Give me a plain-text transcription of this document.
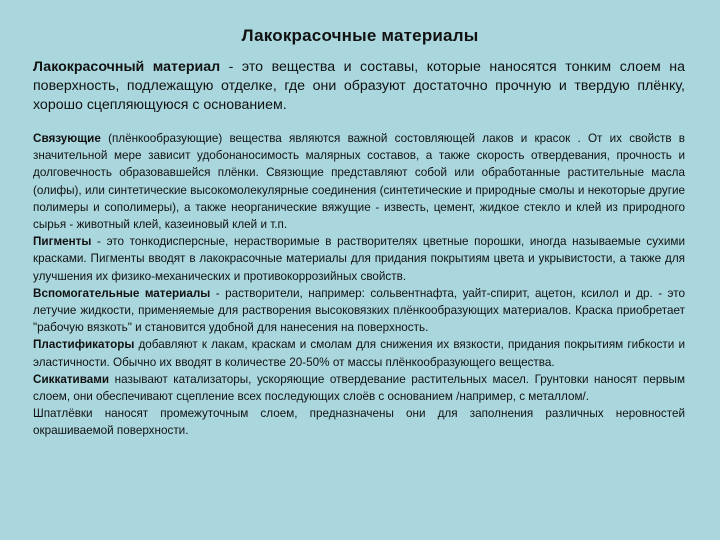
Лакокрасочные материалы
Лакокрасочный материал - это вещества и составы, которые наносятся тонким слоем на поверхность, подлежащую отделке, где они образуют достаточно прочную и твердую плёнку, хорошо сцепляющуюся с основанием.

Связующие (плёнкообразующие) вещества являются важной состовляющей лаков и красок . От их свойств в значительной мере зависит удобонаносимость малярных составов, а также скорость отвердевания, прочность и долговечность образовавшейся плёнки. Связющие представляют собой или обработанные растительные масла (олифы), или синтетические высокомолекулярные соединения (синтетические и природные смолы и некоторые другие полимеры и сополимеры), а также неорганические вяжущие - известь, цемент, жидкое стекло и клей из природного сырья - животный клей, казеиновый клей и т.п.

Пигменты - это тонкодисперсные, нерастворимые в растворителях цветные порошки, иногда называемые сухими красками. Пигменты вводят в лакокрасочные материалы для придания покрытиям цвета и укрывистости, а также для улучшения их физико-механических и противокоррозийных свойств.

Вспомогательные материалы - растворители, например: сольвентнафта, уайт-спирит, ацетон, ксилол и др. - это летучие жидкости, применяемые для растворения высоковязких плёнкообразующих материалов. Краска приобретает "рабочую вязкоть" и становится удобной для нанесения на поверхность.

Пластификаторы добавляют к лакам, краскам и смолам для снижения их вязкости, придания покрытиям гибкости и эластичности. Обычно их вводят в количестве 20-50% от массы плёнкообразующего вещества.

Сиккативами называют катализаторы, ускоряющие отвердевание растительных масел. Грунтовки наносят первым слоем, они обеспечивают сцепление всех последующих слоёв с основанием /например, с металлом/.

Шпатлёвки наносят промежуточным слоем, предназначены они для заполнения различных неровностей окрашиваемой поверхности.
